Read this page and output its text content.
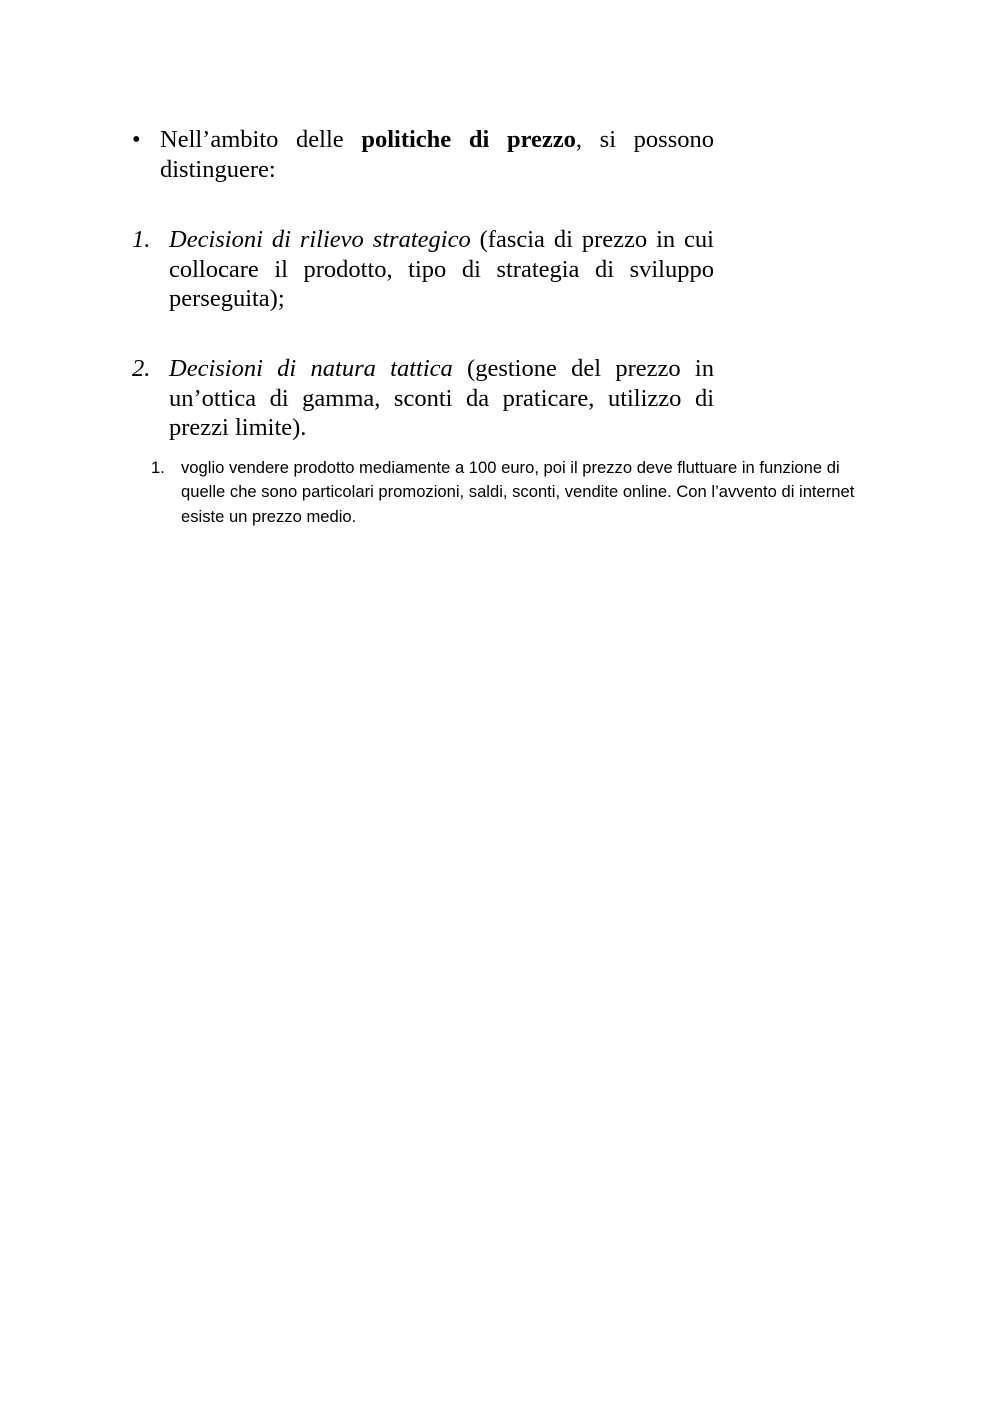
• Nell’ambito delle politiche di prezzo, si possono distinguere:
1. Decisioni di rilievo strategico (fascia di prezzo in cui collocare il prodotto, tipo di strategia di sviluppo perseguita);
2. Decisioni di natura tattica (gestione del prezzo in un’ottica di gamma, sconti da praticare, utilizzo di prezzi limite).
1. voglio vendere prodotto mediamente a 100 euro, poi il prezzo deve fluttuare in funzione di quelle che sono particolari promozioni, saldi, sconti, vendite online. Con l’avvento di internet esiste un prezzo medio.
